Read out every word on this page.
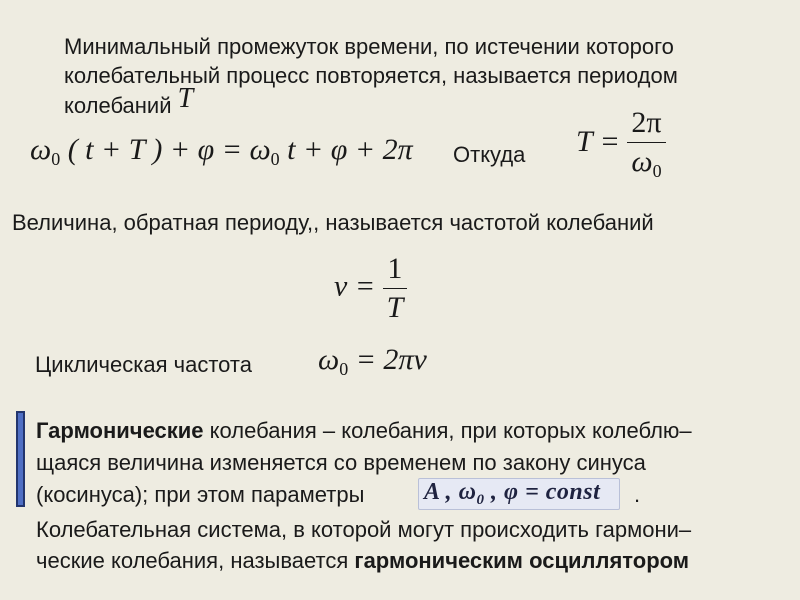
Минимальный промежуток времени, по истечении которого
колебательный процесс повторяется, называется периодом
колебаний T
$\omega_0$ ( t + T ) + $\varphi = \omega_0$ t + φ + 2π Откуда $T = \frac{2\pi}{\omega_0}$
Величина, обратная периоду,, называется частотой колебаний
$\nu = \frac{1}{T}$
Циклическая частота $\omega_0 = 2\pi\nu$
Гармонические колебания – колебания, при которых колеблю–
щаяся величина изменяется со временем по закону синуса
(косинуса); при этом параметры A , $\omega_0$ , φ = const .
Колебательная система, в которой могут происходить гармони–
ческие колебания, называется гармоническим осциллятором
